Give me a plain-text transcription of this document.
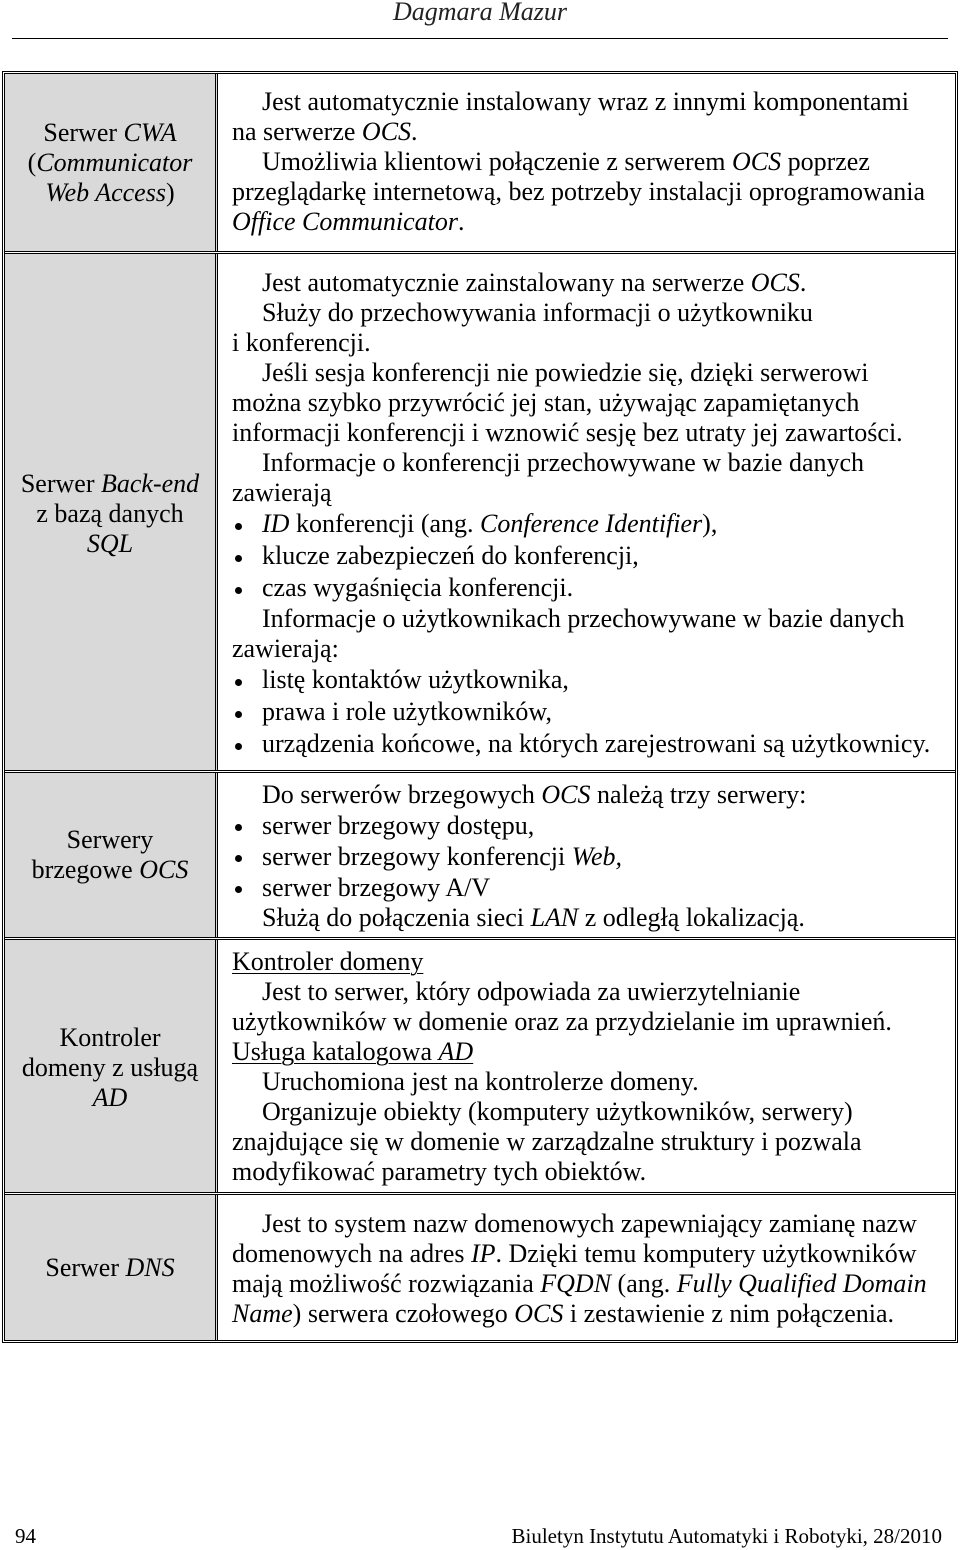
Dagmara Mazur
Serwer CWA
(Communicator
Web Access)
Jest automatycznie instalowany wraz z innymi komponentami
na serwerze OCS.
Umożliwia klientowi połączenie z serwerem OCS poprzez
przeglądarkę internetową, bez potrzeby instalacji oprogramowania
Office Communicator.
Serwer Back-end
z bazą danych
SQL
Jest automatycznie zainstalowany na serwerze OCS.
Służy do przechowywania informacji o użytkowniku
i konferencji.
Jeśli sesja konferencji nie powiedzie się, dzięki serwerowi
można szybko przywrócić jej stan, używając zapamiętanych
informacji konferencji i wznowić sesję bez utraty jej zawartości.
Informacje o konferencji przechowywane w bazie danych
zawierają
ID konferencji (ang. Conference Identifier),
klucze zabezpieczeń do konferencji,
czas wygaśnięcia konferencji.
Informacje o użytkownikach przechowywane w bazie danych
zawierają:
listę kontaktów użytkownika,
prawa i role użytkowników,
urządzenia końcowe, na których zarejestrowani są użytkownicy.
Serwery
brzegowe OCS
Do serwerów brzegowych OCS należą trzy serwery:
serwer brzegowy dostępu,
serwer brzegowy konferencji Web,
serwer brzegowy A/V
Służą do połączenia sieci LAN z odległą lokalizacją.
Kontroler
domeny z usługą
AD
Kontroler domeny
Jest to serwer, który odpowiada za uwierzytelnianie
użytkowników w domenie oraz za przydzielanie im uprawnień.
Usługa katalogowa AD
Uruchomiona jest na kontrolerze domeny.
Organizuje obiekty (komputery użytkowników, serwery)
znajdujące się w domenie w zarządzalne struktury i pozwala
modyfikować parametry tych obiektów.
Serwer DNS
Jest to system nazw domenowych zapewniający zamianę nazw
domenowych na adres IP. Dzięki temu komputery użytkowników
mają możliwość rozwiązania FQDN (ang. Fully Qualified Domain
Name) serwera czołowego OCS i zestawienie z nim połączenia.
94	Biuletyn Instytutu Automatyki i Robotyki, 28/2010
